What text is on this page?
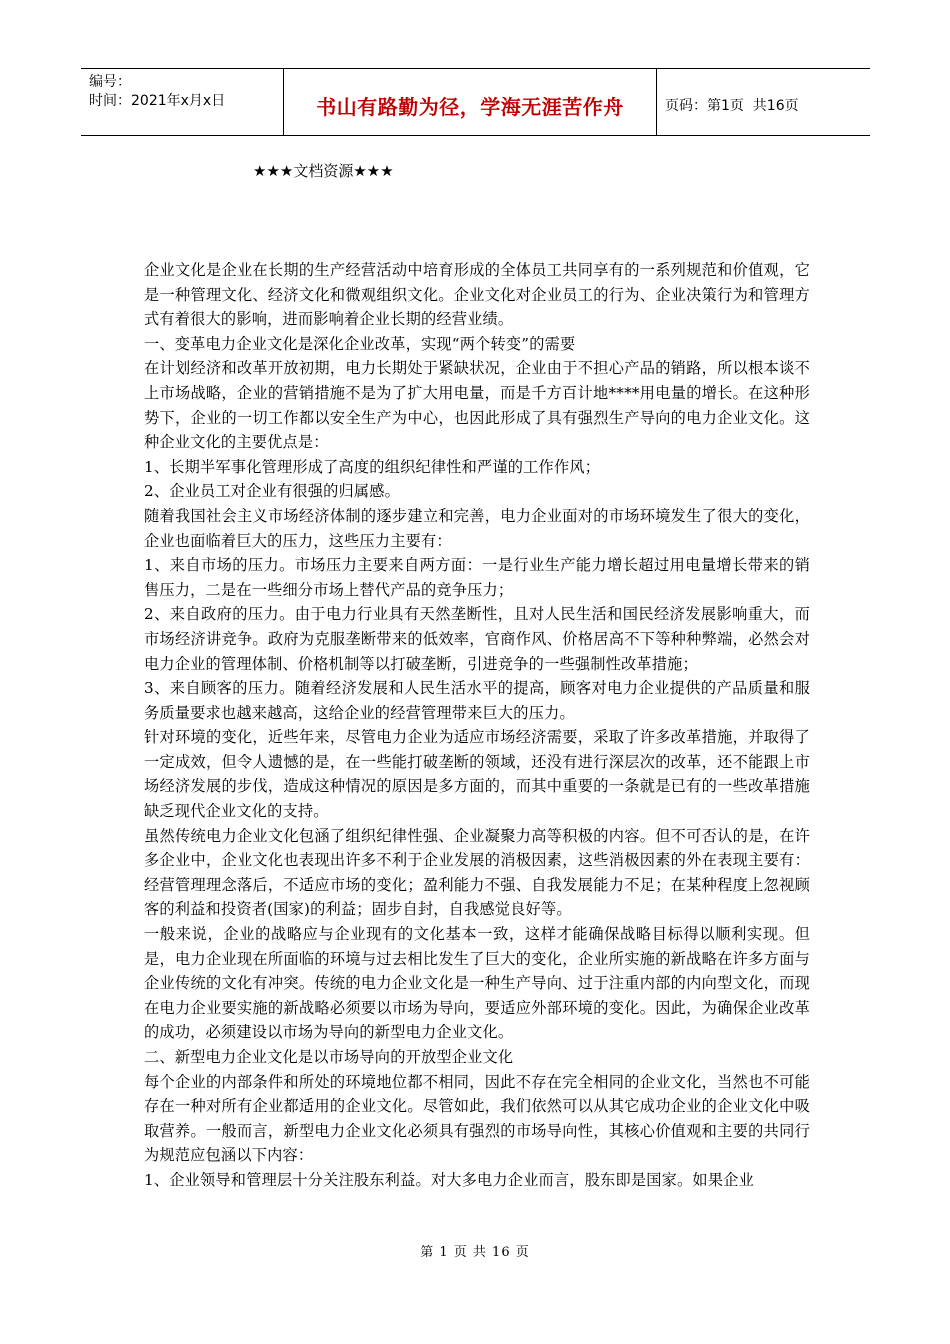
编号：
时间：2021年x月x日	书山有路勤为径，学海无涯苦作舟	页码：第1页  共16页
★★★文档资源★★★

企业文化是企业在长期的生产经营活动中培育形成的全体员工共同享有的一系列规范和价值观，它是一种管理文化、经济文化和微观组织文化。企业文化对企业员工的行为、企业决策行为和管理方式有着很大的影响，进而影响着企业长期的经营业绩。

一、变革电力企业文化是深化企业改革，实现“两个转变”的需要

在计划经济和改革开放初期，电力长期处于紧缺状况，企业由于不担心产品的销路，所以根本谈不上市场战略，企业的营销措施不是为了扩大用电量，而是千方百计地****用电量的增长。在这种形势下，企业的一切工作都以安全生产为中心，也因此形成了具有强烈生产导向的电力企业文化。这种企业文化的主要优点是：

1、长期半军事化管理形成了高度的组织纪律性和严谨的工作作风；

2、企业员工对企业有很强的归属感。

随着我国社会主义市场经济体制的逐步建立和完善，电力企业面对的市场环境发生了很大的变化，企业也面临着巨大的压力，这些压力主要有：

1、来自市场的压力。市场压力主要来自两方面：一是行业生产能力增长超过用电量增长带来的销售压力，二是在一些细分市场上替代产品的竞争压力；

2、来自政府的压力。由于电力行业具有天然垄断性，且对人民生活和国民经济发展影响重大，而市场经济讲竞争。政府为克服垄断带来的低效率，官商作风、价格居高不下等种种弊端，必然会对电力企业的管理体制、价格机制等以打破垄断，引进竞争的一些强制性改革措施；

3、来自顾客的压力。随着经济发展和人民生活水平的提高，顾客对电力企业提供的产品质量和服务质量要求也越来越高，这给企业的经营管理带来巨大的压力。

针对环境的变化，近些年来，尽管电力企业为适应市场经济需要，采取了许多改革措施，并取得了一定成效，但令人遗憾的是，在一些能打破垄断的领域，还没有进行深层次的改革，还不能跟上市场经济发展的步伐，造成这种情况的原因是多方面的，而其中重要的一条就是已有的一些改革措施缺乏现代企业文化的支持。

虽然传统电力企业文化包涵了组织纪律性强、企业凝聚力高等积极的内容。但不可否认的是，在许多企业中，企业文化也表现出许多不利于企业发展的消极因素，这些消极因素的外在表现主要有：经营管理理念落后，不适应市场的变化；盈利能力不强、自我发展能力不足；在某种程度上忽视顾客的利益和投资者(国家)的利益；固步自封，自我感觉良好等。

一般来说，企业的战略应与企业现有的文化基本一致，这样才能确保战略目标得以顺利实现。但是，电力企业现在所面临的环境与过去相比发生了巨大的变化，企业所实施的新战略在许多方面与企业传统的文化有冲突。传统的电力企业文化是一种生产导向、过于注重内部的内向型文化，而现在电力企业要实施的新战略必须要以市场为导向，要适应外部环境的变化。因此，为确保企业改革的成功，必须建设以市场为导向的新型电力企业文化。

二、新型电力企业文化是以市场导向的开放型企业文化

每个企业的内部条件和所处的环境地位都不相同，因此不存在完全相同的企业文化，当然也不可能存在一种对所有企业都适用的企业文化。尽管如此，我们依然可以从其它成功企业的企业文化中吸取营养。一般而言，新型电力企业文化必须具有强烈的市场导向性，其核心价值观和主要的共同行为规范应包涵以下内容：

1、企业领导和管理层十分关注股东利益。对大多电力企业而言，股东即是国家。如果企业

第 1 页 共 16 页
